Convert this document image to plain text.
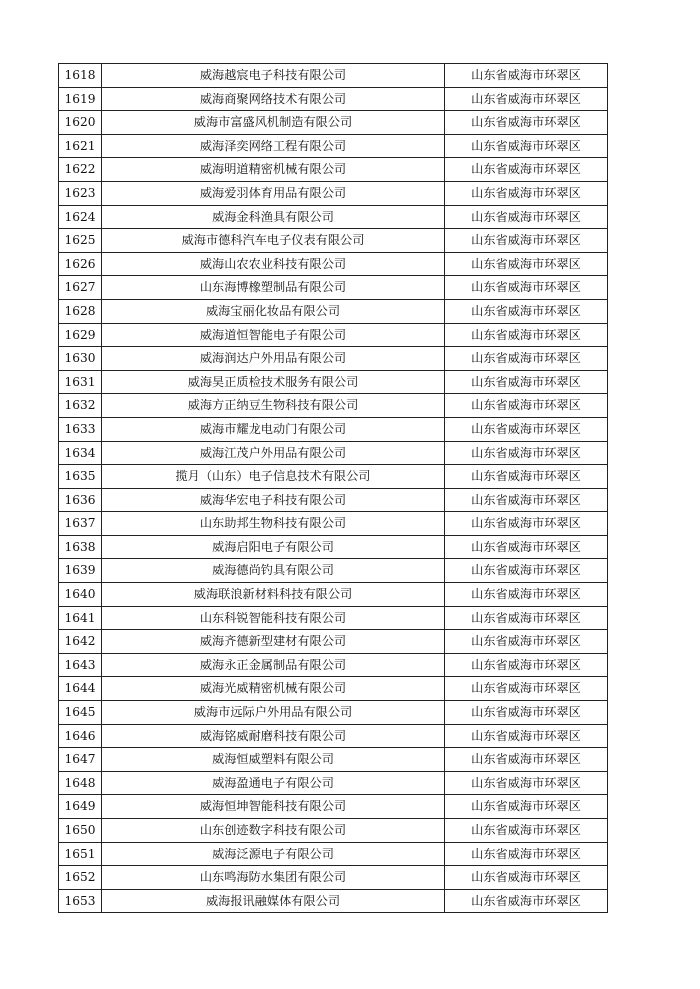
1618	威海越宸电子科技有限公司	山东省威海市环翠区
1619	威海商聚网络技术有限公司	山东省威海市环翠区
1620	威海市富盛风机制造有限公司	山东省威海市环翠区
1621	威海泽奕网络工程有限公司	山东省威海市环翠区
1622	威海明道精密机械有限公司	山东省威海市环翠区
1623	威海爱羽体育用品有限公司	山东省威海市环翠区
1624	威海金科渔具有限公司	山东省威海市环翠区
1625	威海市德科汽车电子仪表有限公司	山东省威海市环翠区
1626	威海山农农业科技有限公司	山东省威海市环翠区
1627	山东海博橡塑制品有限公司	山东省威海市环翠区
1628	威海宝丽化妆品有限公司	山东省威海市环翠区
1629	威海道恒智能电子有限公司	山东省威海市环翠区
1630	威海润达户外用品有限公司	山东省威海市环翠区
1631	威海昊正质检技术服务有限公司	山东省威海市环翠区
1632	威海方正纳豆生物科技有限公司	山东省威海市环翠区
1633	威海市耀龙电动门有限公司	山东省威海市环翠区
1634	威海江茂户外用品有限公司	山东省威海市环翠区
1635	揽月（山东）电子信息技术有限公司	山东省威海市环翠区
1636	威海华宏电子科技有限公司	山东省威海市环翠区
1637	山东助邦生物科技有限公司	山东省威海市环翠区
1638	威海启阳电子有限公司	山东省威海市环翠区
1639	威海德尚钓具有限公司	山东省威海市环翠区
1640	威海联浪新材料科技有限公司	山东省威海市环翠区
1641	山东科锐智能科技有限公司	山东省威海市环翠区
1642	威海齐德新型建材有限公司	山东省威海市环翠区
1643	威海永正金属制品有限公司	山东省威海市环翠区
1644	威海光威精密机械有限公司	山东省威海市环翠区
1645	威海市远际户外用品有限公司	山东省威海市环翠区
1646	威海铭威耐磨科技有限公司	山东省威海市环翠区
1647	威海恒威塑料有限公司	山东省威海市环翠区
1648	威海盈通电子有限公司	山东省威海市环翠区
1649	威海恒坤智能科技有限公司	山东省威海市环翠区
1650	山东创迹数字科技有限公司	山东省威海市环翠区
1651	威海泛源电子有限公司	山东省威海市环翠区
1652	山东鸣海防水集团有限公司	山东省威海市环翠区
1653	威海报讯融媒体有限公司	山东省威海市环翠区
